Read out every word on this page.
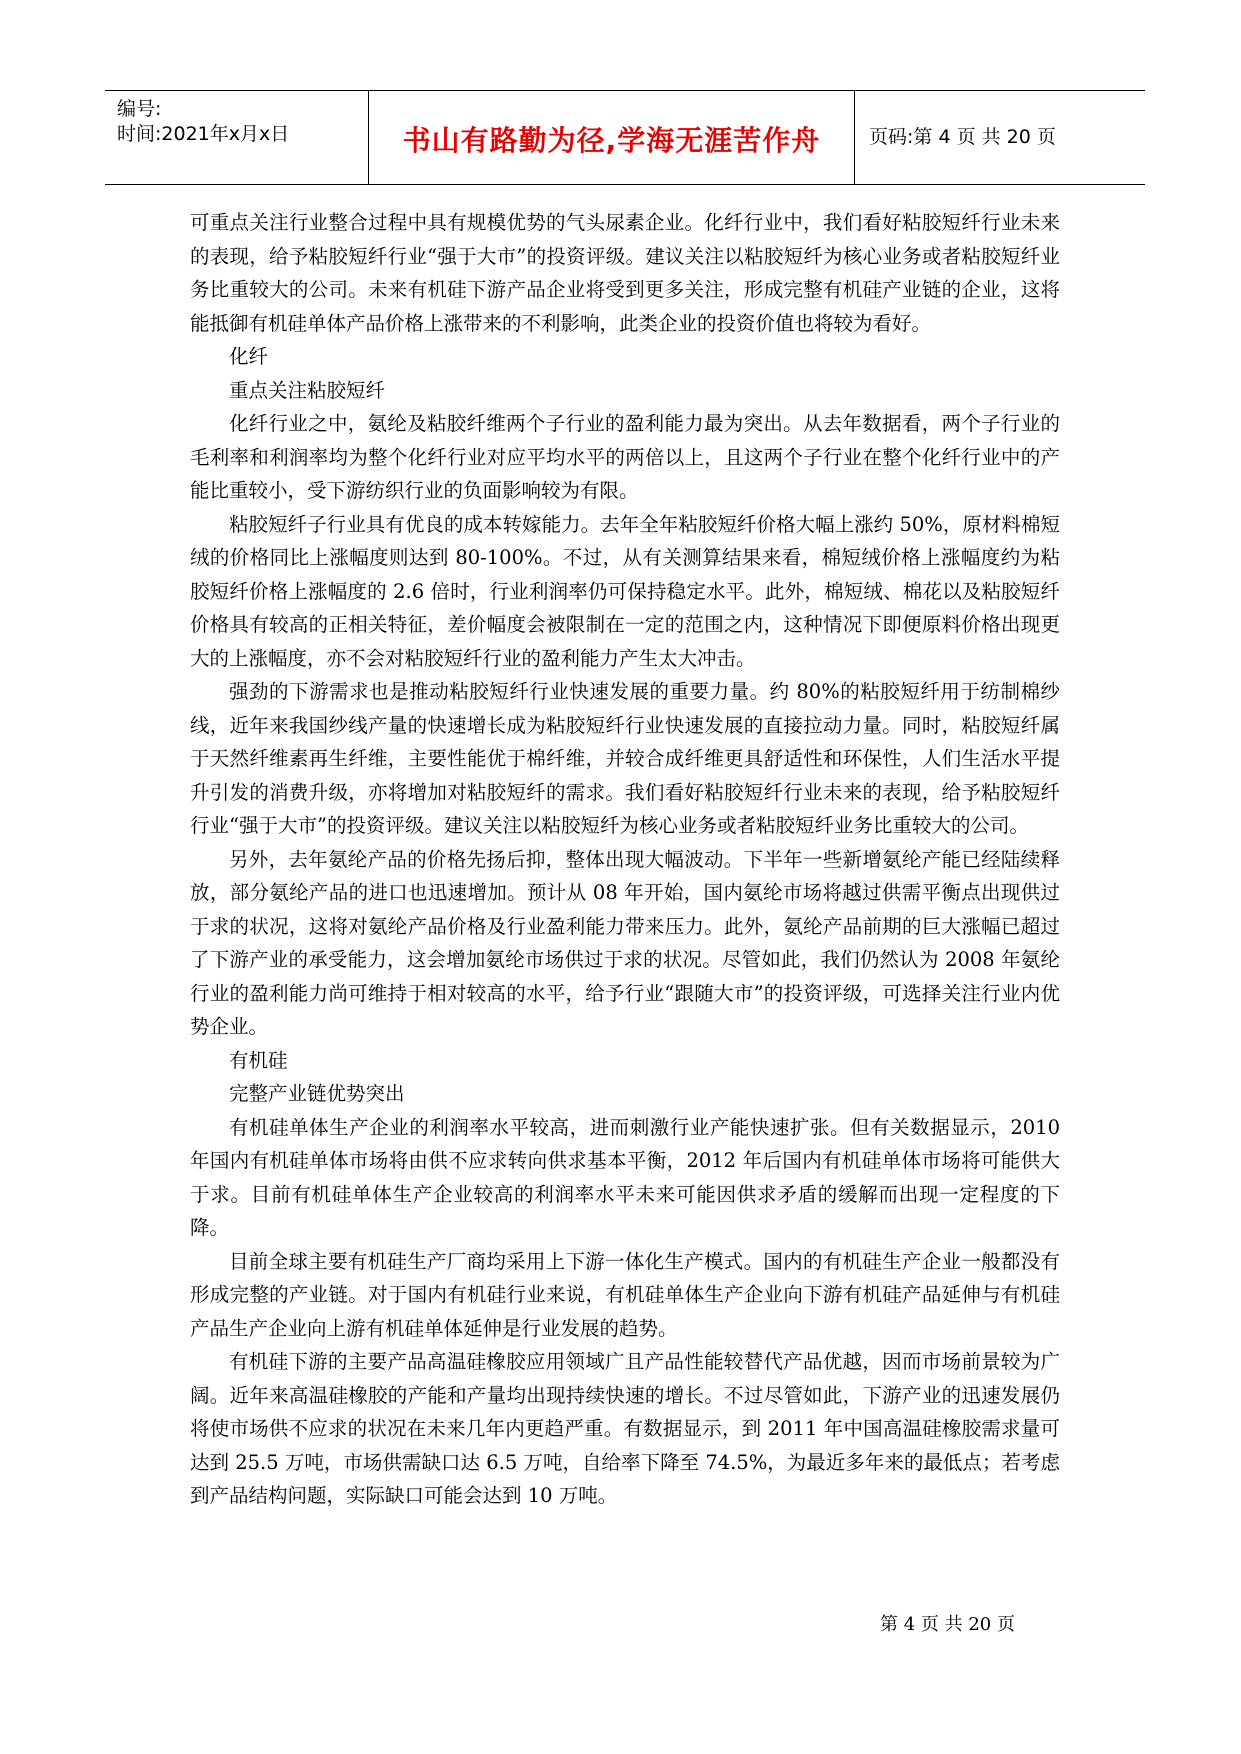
编号:
时间:2021年x月x日	书山有路勤为径,学海无涯苦作舟	页码:第 4 页 共 20 页

可重点关注行业整合过程中具有规模优势的气头尿素企业。化纤行业中，我们看好粘胶短纤行业未来的表现，给予粘胶短纤行业“强于大市”的投资评级。建议关注以粘胶短纤为核心业务或者粘胶短纤业务比重较大的公司。未来有机硅下游产品企业将受到更多关注，形成完整有机硅产业链的企业，这将能抵御有机硅单体产品价格上涨带来的不利影响，此类企业的投资价值也将较为看好。

化纤

重点关注粘胶短纤

化纤行业之中，氨纶及粘胶纤维两个子行业的盈利能力最为突出。从去年数据看，两个子行业的毛利率和利润率均为整个化纤行业对应平均水平的两倍以上，且这两个子行业在整个化纤行业中的产能比重较小，受下游纺织行业的负面影响较为有限。

粘胶短纤子行业具有优良的成本转嫁能力。去年全年粘胶短纤价格大幅上涨约 50%，原材料棉短绒的价格同比上涨幅度则达到 80-100%。不过，从有关测算结果来看，棉短绒价格上涨幅度约为粘胶短纤价格上涨幅度的 2.6 倍时，行业利润率仍可保持稳定水平。此外，棉短绒、棉花以及粘胶短纤价格具有较高的正相关特征，差价幅度会被限制在一定的范围之内，这种情况下即便原料价格出现更大的上涨幅度，亦不会对粘胶短纤行业的盈利能力产生太大冲击。

强劲的下游需求也是推动粘胶短纤行业快速发展的重要力量。约 80%的粘胶短纤用于纺制棉纱线，近年来我国纱线产量的快速增长成为粘胶短纤行业快速发展的直接拉动力量。同时，粘胶短纤属于天然纤维素再生纤维，主要性能优于棉纤维，并较合成纤维更具舒适性和环保性，人们生活水平提升引发的消费升级，亦将增加对粘胶短纤的需求。我们看好粘胶短纤行业未来的表现，给予粘胶短纤行业“强于大市”的投资评级。建议关注以粘胶短纤为核心业务或者粘胶短纤业务比重较大的公司。

另外，去年氨纶产品的价格先扬后抑，整体出现大幅波动。下半年一些新增氨纶产能已经陆续释放，部分氨纶产品的进口也迅速增加。预计从 08 年开始，国内氨纶市场将越过供需平衡点出现供过于求的状况，这将对氨纶产品价格及行业盈利能力带来压力。此外，氨纶产品前期的巨大涨幅已超过了下游产业的承受能力，这会增加氨纶市场供过于求的状况。尽管如此，我们仍然认为 2008 年氨纶行业的盈利能力尚可维持于相对较高的水平，给予行业“跟随大市”的投资评级，可选择关注行业内优势企业。

有机硅

完整产业链优势突出

有机硅单体生产企业的利润率水平较高，进而刺激行业产能快速扩张。但有关数据显示，2010 年国内有机硅单体市场将由供不应求转向供求基本平衡，2012 年后国内有机硅单体市场将可能供大于求。目前有机硅单体生产企业较高的利润率水平未来可能因供求矛盾的缓解而出现一定程度的下降。

目前全球主要有机硅生产厂商均采用上下游一体化生产模式。国内的有机硅生产企业一般都没有形成完整的产业链。对于国内有机硅行业来说，有机硅单体生产企业向下游有机硅产品延伸与有机硅产品生产企业向上游有机硅单体延伸是行业发展的趋势。

有机硅下游的主要产品高温硅橡胶应用领域广且产品性能较替代产品优越，因而市场前景较为广阔。近年来高温硅橡胶的产能和产量均出现持续快速的增长。不过尽管如此，下游产业的迅速发展仍将使市场供不应求的状况在未来几年内更趋严重。有数据显示，到 2011 年中国高温硅橡胶需求量可达到 25.5 万吨，市场供需缺口达 6.5 万吨，自给率下降至 74.5%，为最近多年来的最低点；若考虑到产品结构问题，实际缺口可能会达到 10 万吨。

第 4 页 共 20 页
